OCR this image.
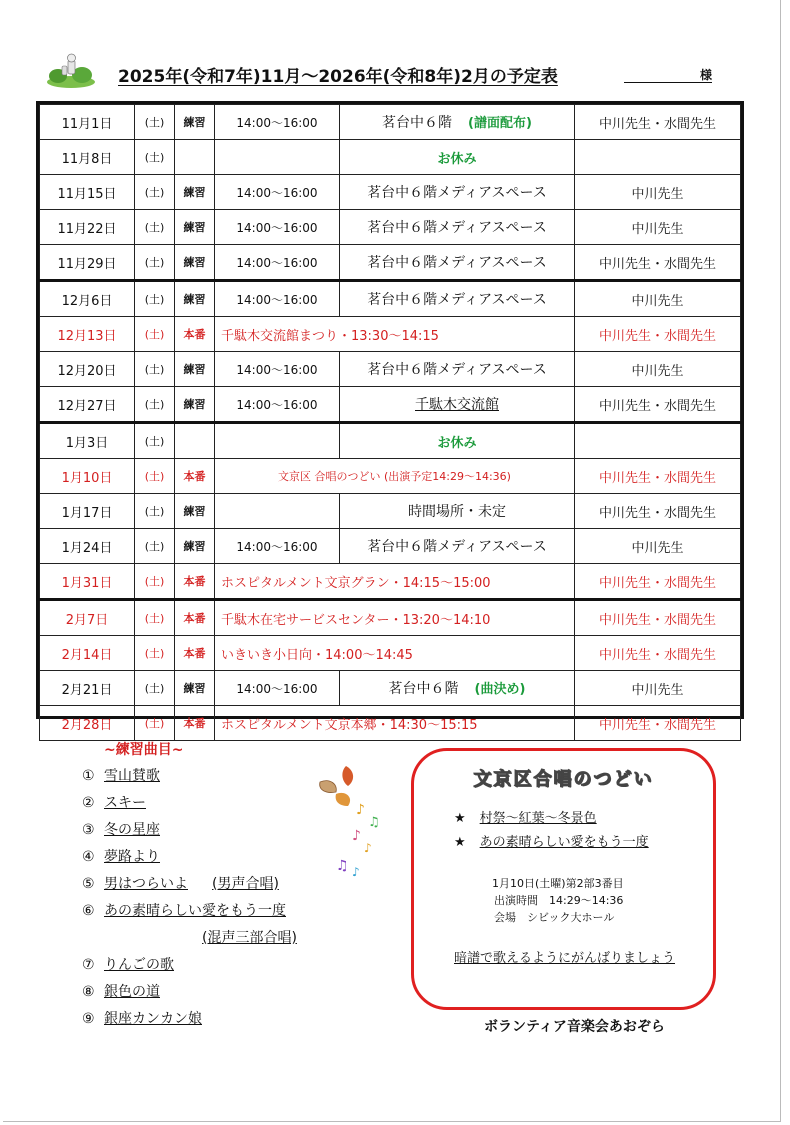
2025年(令和7年)11月～2026年(令和8年)2月の予定表	様
11月1日	(土)	練習	14:00～16:00	茗台中６階 (譜面配布)	中川先生・水間先生
11月8日	(土)			お休み	
11月15日	(土)	練習	14:00～16:00	茗台中６階メディアスペース	中川先生
11月22日	(土)	練習	14:00～16:00	茗台中６階メディアスペース	中川先生
11月29日	(土)	練習	14:00～16:00	茗台中６階メディアスペース	中川先生・水間先生
12月6日	(土)	練習	14:00～16:00	茗台中６階メディアスペース	中川先生
12月13日	(土)	本番	千駄木交流館まつり・13:30～14:15		中川先生・水間先生
12月20日	(土)	練習	14:00～16:00	茗台中６階メディアスペース	中川先生
12月27日	(土)	練習	14:00～16:00	千駄木交流館	中川先生・水間先生
1月3日	(土)			お休み	
1月10日	(土)	本番	文京区 合唱のつどい (出演予定14:29～14:36)		中川先生・水間先生
1月17日	(土)	練習		時間場所・未定	中川先生・水間先生
1月24日	(土)	練習	14:00～16:00	茗台中６階メディアスペース	中川先生
1月31日	(土)	本番	ホスピタルメント文京グラン・14:15～15:00		中川先生・水間先生
2月7日	(土)	本番	千駄木在宅サービスセンター・13:20～14:10		中川先生・水間先生
2月14日	(土)	本番	いきいき小日向・14:00～14:45		中川先生・水間先生
2月21日	(土)	練習	14:00～16:00	茗台中６階 (曲決め)	中川先生
2月28日	(土)	本番	ホスピタルメント文京本郷・14:30～15:15		中川先生・水間先生
~練習曲目~
① 雪山賛歌
② スキー
③ 冬の星座
④ 夢路より
⑤ 男はつらいよ (男声合唱)
⑥ あの素晴らしい愛をもう一度
(混声三部合唱)
⑦ りんごの歌
⑧ 銀色の道
⑨ 銀座カンカン娘
♪
♫
♪
♪
♫ ♪
文京区合唱のつどい
★ 村祭～紅葉～冬景色
★ あの素晴らしい愛をもう一度
1月10日(土曜)第2部3番目
出演時間　14:29～14:36
会場　シビック大ホール
暗譜で歌えるようにがんばりましょう
ボランティア音楽会あおぞら
